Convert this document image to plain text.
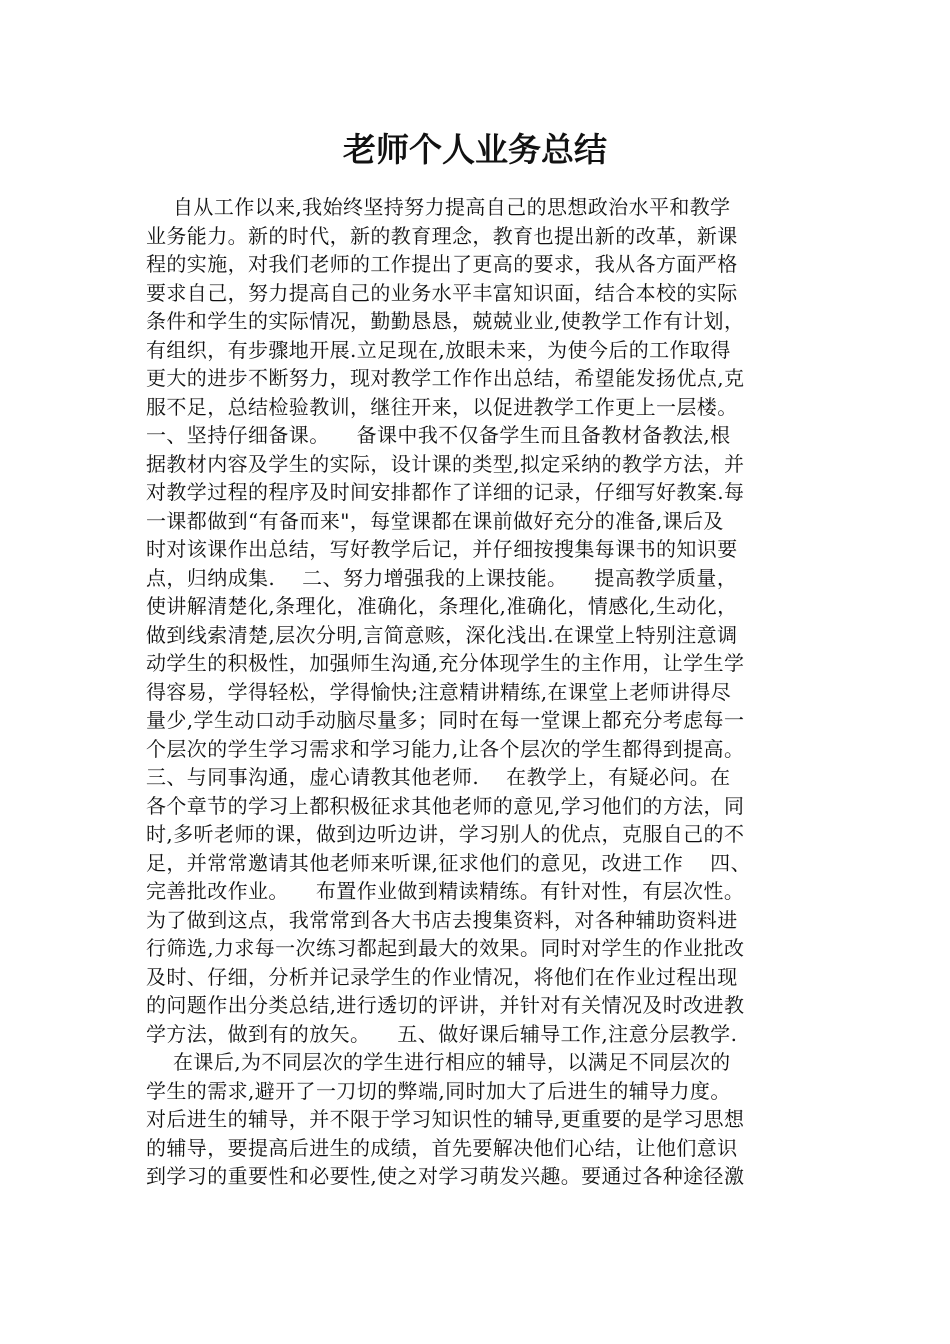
老师个人业务总结
自从工作以来,我始终坚持努力提高自己的思想政治水平和教学
业务能力。新的时代，新的教育理念，教育也提出新的改革，新课
程的实施，对我们老师的工作提出了更高的要求，我从各方面严格
要求自己，努力提高自己的业务水平丰富知识面，结合本校的实际
条件和学生的实际情况，勤勤恳恳，兢兢业业,使教学工作有计划，
有组织，有步骤地开展.立足现在,放眼未来，为使今后的工作取得
更大的进步不断努力，现对教学工作作出总结，希望能发扬优点,克
服不足，总结检验教训，继往开来，以促进教学工作更上一层楼。
一、坚持仔细备课。    备课中我不仅备学生而且备教材备教法,根
据教材内容及学生的实际，设计课的类型,拟定采纳的教学方法，并
对教学过程的程序及时间安排都作了详细的记录，仔细写好教案.每
一课都做到“有备而来"，每堂课都在课前做好充分的准备,课后及
时对该课作出总结，写好教学后记，并仔细按搜集每课书的知识要
点，归纳成集.    二、努力增强我的上课技能。    提高教学质量，
使讲解清楚化,条理化，准确化，条理化,准确化，情感化,生动化，
做到线索清楚,层次分明,言简意赅，深化浅出.在课堂上特别注意调
动学生的积极性，加强师生沟通,充分体现学生的主作用，让学生学
得容易，学得轻松，学得愉快;注意精讲精练,在课堂上老师讲得尽
量少,学生动口动手动脑尽量多；同时在每一堂课上都充分考虑每一
个层次的学生学习需求和学习能力,让各个层次的学生都得到提高。
三、与同事沟通，虚心请教其他老师.    在教学上，有疑必问。在
各个章节的学习上都积极征求其他老师的意见,学习他们的方法，同
时,多听老师的课，做到边听边讲，学习别人的优点，克服自己的不
足，并常常邀请其他老师来听课,征求他们的意见，改进工作    四、
完善批改作业。    布置作业做到精读精练。有针对性，有层次性。
为了做到这点，我常常到各大书店去搜集资料，对各种辅助资料进
行筛选,力求每一次练习都起到最大的效果。同时对学生的作业批改
及时、仔细，分析并记录学生的作业情况，将他们在作业过程出现
的问题作出分类总结,进行透切的评讲，并针对有关情况及时改进教
学方法，做到有的放矢。    五、做好课后辅导工作,注意分层教学.
在课后,为不同层次的学生进行相应的辅导，以满足不同层次的
学生的需求,避开了一刀切的弊端,同时加大了后进生的辅导力度。
对后进生的辅导，并不限于学习知识性的辅导,更重要的是学习思想
的辅导，要提高后进生的成绩，首先要解决他们心结，让他们意识
到学习的重要性和必要性,使之对学习萌发兴趣。要通过各种途径激
